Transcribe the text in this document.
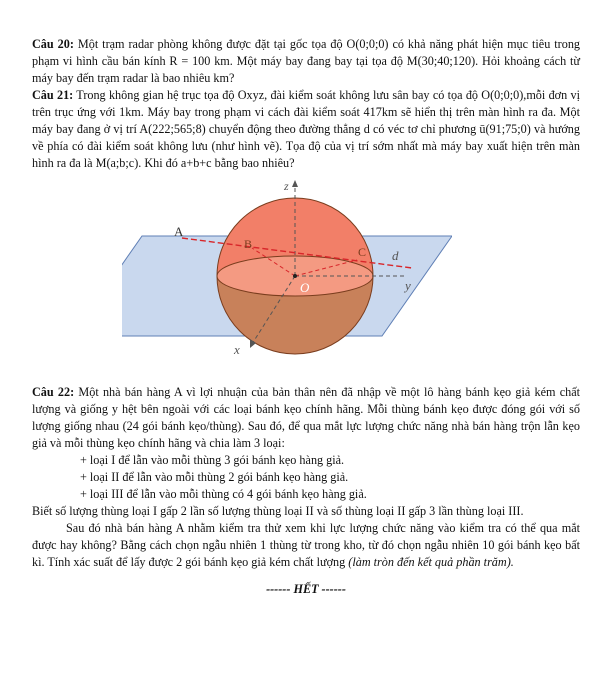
Câu 20: Một trạm radar phòng không được đặt tại gốc tọa độ O(0;0;0) có khả năng phát hiện mục tiêu trong phạm vi hình cầu bán kính R = 100 km. Một máy bay đang bay tại tọa độ M(30;40;120). Hỏi khoảng cách từ máy bay đến trạm radar là bao nhiêu km?

Câu 21: Trong không gian hệ trục tọa độ Oxyz, đài kiểm soát không lưu sân bay có tọa độ O(0;0;0),mỗi đơn vị trên trục ứng với 1km. Máy bay trong phạm vi cách đài kiểm soát 417km sẽ hiển thị trên màn hình ra đa. Một máy bay đang ở vị trí A(222;565;8) chuyển động theo đường thẳng d có véc tơ chỉ phương ū(91;75;0) và hướng về phía có đài kiểm soát không lưu (như hình vẽ). Tọa độ của vị trí sớm nhất mà máy bay xuất hiện trên màn hình ra đa là M(a;b;c). Khi đó a+b+c bằng bao nhiêu?

z
A
B
C d
O	y
x

Câu 22: Một nhà bán hàng A vì lợi nhuận của bản thân nên đã nhập về một lô hàng bánh kẹo giả kém chất lượng và giống y hệt bên ngoài với các loại bánh kẹo chính hãng. Mỗi thùng bánh kẹo được đóng gói với số lượng giống nhau (24 gói bánh kẹo/thùng). Sau đó, để qua mắt lực lượng chức năng nhà bán hàng trộn lẫn kẹo giả và mỗi thùng kẹo chính hãng và chia làm 3 loại:

+ loại I để lẫn vào mỗi thùng 3 gói bánh kẹo hàng giả.

+ loại II để lẫn vào mỗi thùng 2 gói bánh kẹo hàng giả.

+ loại III để lẫn vào mỗi thùng có 4 gói bánh kẹo hàng giả.

Biết số lượng thùng loại I gấp 2 lần số lượng thùng loại II và số thùng loại II gấp 3 lần thùng loại III.

Sau đó nhà bán hàng A nhằm kiểm tra thử xem khi lực lượng chức năng vào kiểm tra có thể qua mắt được hay không? Bằng cách chọn ngẫu nhiên 1 thùng từ trong kho, từ đó chọn ngẫu nhiên 10 gói bánh kẹo bất kì. Tính xác suất để lấy được 2 gói bánh kẹo giả kém chất lượng (làm tròn đến kết quả phần trăm).

------ HẾT ------
